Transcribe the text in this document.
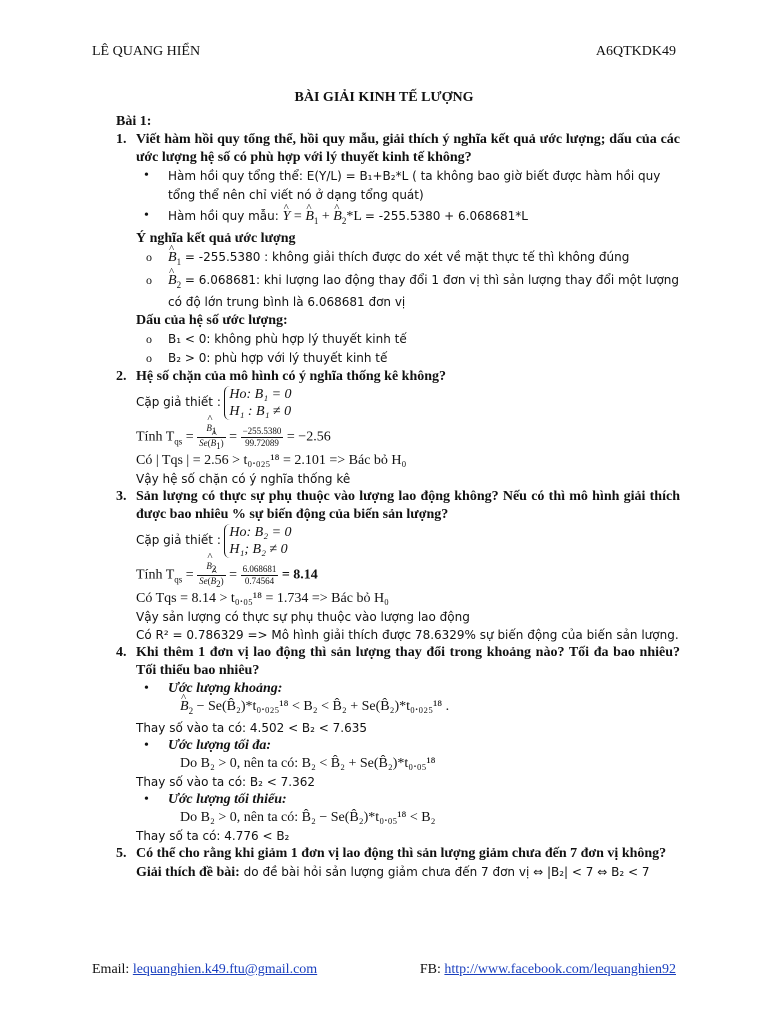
LÊ QUANG HIỂN	A6QTKDK49
BÀI GIẢI KINH TẾ LƯỢNG
Bài 1:
1. Viết hàm hồi quy tổng thể, hồi quy mẫu, giải thích ý nghĩa kết quả ước lượng; dấu của các ước lượng hệ số có phù hợp với lý thuyết kinh tế không?
• Hàm hồi quy tổng thể: E(Y/L) = B₁+B₂*L ( ta không bao giờ biết được hàm hồi quy tổng thể nên chỉ viết nó ở dạng tổng quát)
• Hàm hồi quy mẫu: ^ Y = ^ $B_1$ + ^ $B_2*L = -255.5380 + 6.068681*L$
Ý nghĩa kết quả ước lượng
o ^ $B_1 = -255.5380$ : không giải thích được do xét về mặt thực tế thì không đúng
o ^ $B_2 = 6.068681$: khi lượng lao động thay đổi 1 đơn vị thì sản lượng thay đổi một lượng có độ lớn trung bình là 6.068681 đơn vị
Dấu của hệ số ước lượng:
o B₁ < 0: không phù hợp lý thuyết kinh tế
o B₂ > 0: phù hợp với lý thuyết kinh tế
2. Hệ số chặn của mô hình có ý nghĩa thống kê không?
Cặp giả thiết :
Ho: B₁ = 0
H₁ : B₁ ≠ 0
Tính $T_{qs}$ = ^ $\frac{B_1}{Se(\^{} B_1)} = \frac{-255.5380}{99.72089} = -2.56$
Có | Tqs | = 2.56 > t₀.₀₂₅¹⁸ = 2.101 => Bác bỏ H₀
Vậy hệ số chặn có ý nghĩa thống kê
3. Sản lượng có thực sự phụ thuộc vào lượng lao động không? Nếu có thì mô hình giải thích được bao nhiêu % sự biến động của biến sản lượng?
Cặp giả thiết :
Ho: B₂ = 0
H₁; B₂ ≠ 0
Tính $T_{qs}$ = ^ $\frac{B_2}{Se(\^{} B_2)} = \frac{6.068681}{0.74564} = 8.14$
Có Tqs = 8.14 > t₀.₀₅¹⁸ = 1.734 => Bác bỏ H₀
Vậy sản lượng có thực sự phụ thuộc vào lượng lao động
Có R² = 0.786329 => Mô hình giải thích được 78.6329% sự biến động của biến sản lượng.
4. Khi thêm 1 đơn vị lao động thì sản lượng thay đổi trong khoảng nào? Tối đa bao nhiêu? Tối thiểu bao nhiêu?
• Ước lượng khoảng:
^ $B_2$ − Se(B̂₂)*t₀.₀₂₅¹⁸ < B₂ < B̂₂ + Se(B̂₂)*t₀.₀₂₅¹⁸ .
Thay số vào ta có: 4.502 < B₂ < 7.635
• Ước lượng tối đa:
Do B₂ > 0, nên ta có: B₂ < B̂₂ + Se(B̂₂)*t₀.₀₅¹⁸
Thay số vào ta có: B₂ < 7.362
• Ước lượng tối thiểu:
Do B₂ > 0, nên ta có: B̂₂ − Se(B̂₂)*t₀.₀₅¹⁸ < B₂
Thay số ta có: 4.776 < B₂
5. Có thể cho rằng khi giảm 1 đơn vị lao động thì sản lượng giảm chưa đến 7 đơn vị không?
Giải thích đề bài: do đề bài hỏi sản lượng giảm chưa đến 7 đơn vị ⇔ |B₂| < 7 ⇔ B₂ < 7
Email: lequanghien.k49.ftu@gmail.com	FB: http://www.facebook.com/lequanghien92
